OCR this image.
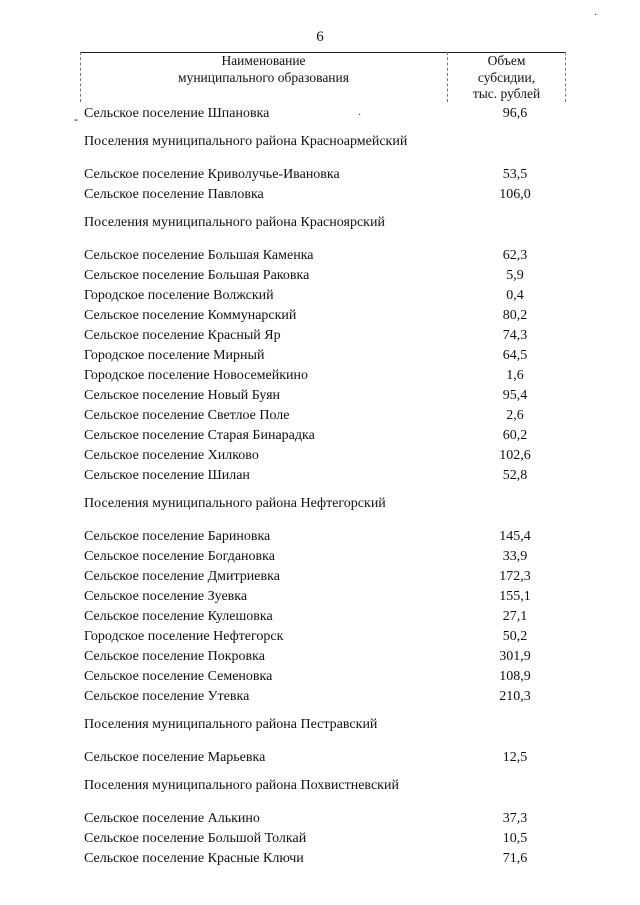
6
Наименование
муниципального образования
Объем
субсидии,
тыс. рублей
-	·
·
Сельское поселение Шпановка	96,6
Поселения муниципального района Красноармейский
Сельское поселение Криволучье-Ивановка	53,5
Сельское поселение Павловка	106,0
Поселения муниципального района Красноярский
Сельское поселение Большая Каменка	62,3
Сельское поселение Большая Раковка	5,9
Городское поселение Волжский	0,4
Сельское поселение Коммунарский	80,2
Сельское поселение Красный Яр	74,3
Городское поселение Мирный	64,5
Городское поселение Новосемейкино	1,6
Сельское поселение Новый Буян	95,4
Сельское поселение Светлое Поле	2,6
Сельское поселение Старая Бинарадка	60,2
Сельское поселение Хилково	102,6
Сельское поселение Шилан	52,8
Поселения муниципального района Нефтегорский
Сельское поселение Бариновка	145,4
Сельское поселение Богдановка	33,9
Сельское поселение Дмитриевка	172,3
Сельское поселение Зуевка	155,1
Сельское поселение Кулешовка	27,1
Городское поселение Нефтегорск	50,2
Сельское поселение Покровка	301,9
Сельское поселение Семеновка	108,9
Сельское поселение Утевка	210,3
Поселения муниципального района Пестравский
Сельское поселение Марьевка	12,5
Поселения муниципального района Похвистневский
Сельское поселение Алькино	37,3
Сельское поселение Большой Толкай	10,5
Сельское поселение Красные Ключи	71,6
